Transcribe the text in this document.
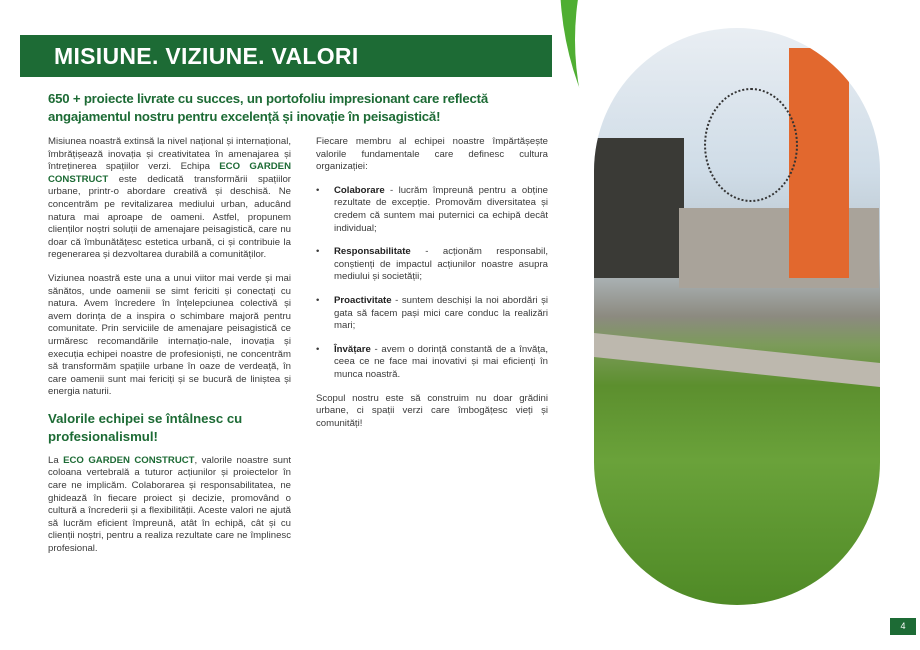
MISIUNE. VIZIUNE. VALORI
650 + proiecte livrate cu succes, un portofoliu impresionant care reflectă angajamentul nostru pentru excelență și inovație în peisagistică!

Misiunea noastră extinsă la nivel național și internațional, îmbrățișează inovația și creativitatea în amenajarea și întreținerea spațiilor verzi. Echipa ECO GARDEN CONSTRUCT este dedicată transformării spațiilor urbane, printr-o abordare creativă și deschisă. Ne concentrăm pe revitalizarea mediului urban, aducând natura mai aproape de oameni. Astfel, propunem clienților noștri soluții de amenajare peisagistică, care nu doar că îmbunătățesc estetica urbană, ci și contribuie la regenerarea și dezvoltarea durabilă a comunităților.

Viziunea noastră este una a unui viitor mai verde și mai sănătos, unde oamenii se simt fericiti și conectați cu natura. Avem încredere în înțelepciunea colectivă și avem dorința de a inspira o schimbare majoră pentru comunitate. Prin serviciile de amenajare peisagistică ce urmăresc recomandările internațio-nale, inovația și execuția echipei noastre de profesioniști, ne concentrăm să transformăm spațiile urbane în oaze de verdeață, în care oamenii sunt mai fericiți și se bucură de liniștea și energia naturii.

Valorile echipei se întâlnesc cu profesionalismul!

La ECO GARDEN CONSTRUCT, valorile noastre sunt coloana vertebrală a tuturor acțiunilor și proiectelor în care ne implicăm. Colaborarea și responsabilitatea, ne ghidează în fiecare proiect și decizie, promovând o cultură a încrederii și a flexibilității. Aceste valori ne ajută să lucrăm eficient împreună, atât în echipă, cât și cu clienții noștri, pentru a realiza rezultate care ne împlinesc profesional.

Fiecare membru al echipei noastre împărtășește valorile fundamentale care definesc cultura organizației:

• Colaborare - lucrăm împreună pentru a obține rezultate de excepție. Promovăm diversitatea și credem că suntem mai puternici ca echipă decât individual;
• Responsabilitate - acționăm responsabil, conștienți de impactul acțiunilor noastre asupra mediului și societății;
• Proactivitate - suntem deschiși la noi abordări și gata să facem pași mici care conduc la realizări mari;
• Învățare - avem o dorință constantă de a învăța, ceea ce ne face mai inovativi și mai eficienți în munca noastră.

Scopul nostru este să construim nu doar grădini urbane, ci spații verzi care îmbogățesc vieți și comunități!

4
